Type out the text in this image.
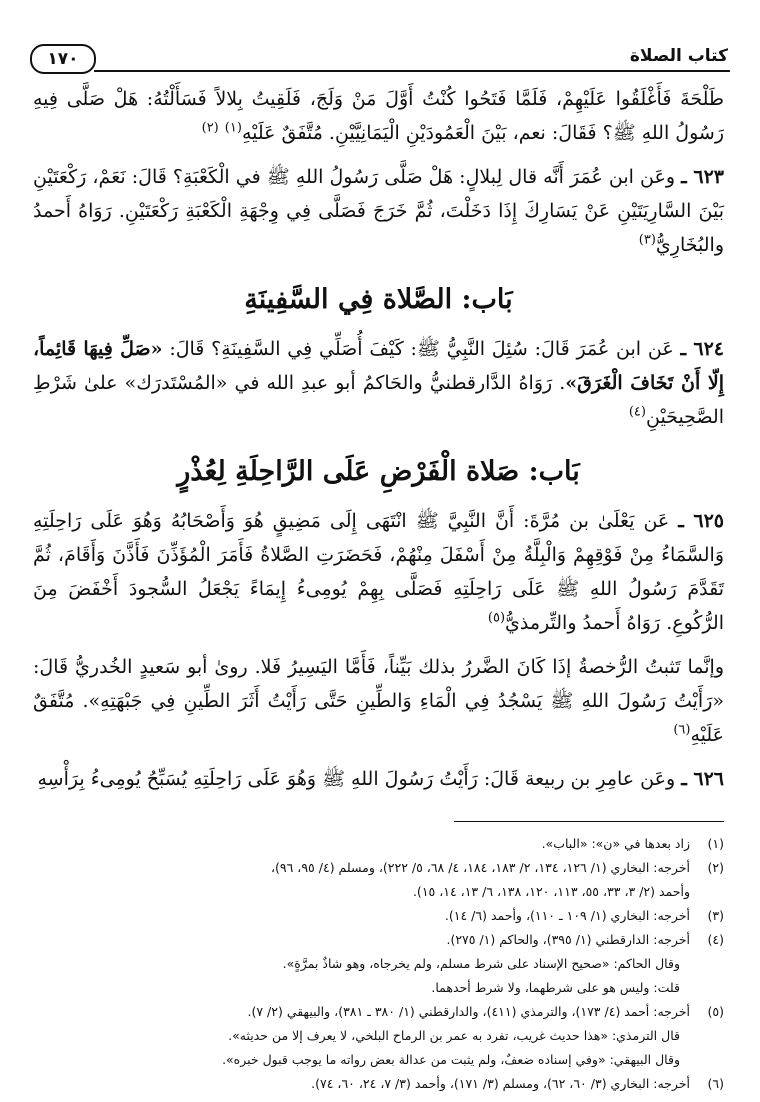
كتاب الصلاة
١٧٠

طَلْحَةَ فَأَغْلَقُوا عَلَيْهِمْ، فَلَمَّا فَتَحُوا كُنْتُ أَوَّلَ مَنْ وَلَجَ، فَلَقِيتُ بِلالاً فَسَأَلْتُهُ: هَلْ صَلَّى فِيهِ رَسُولُ اللهِ ﷺ؟ فَقَالَ: نعم، بَيْنَ الْعَمُودَيْنِ الْيَمَانِيَّيْنِ. مُتَّفَقٌ عَلَيْهِ$^{(١)}$ $^{(٢)}$

٦٢٣ ـ وعَن ابن عُمَرَ أَنَّه قال لِبلالٍ: هَلْ صَلَّى رَسُولُ اللهِ ﷺ في الْكَعْبَةِ؟ قَالَ: نَعَمْ، رَكْعَتَيْنِ بَيْنَ السَّارِيَتَيْنِ عَنْ يَسَارِكَ إِذَا دَخَلْتَ، ثُمَّ خَرَجَ فَصَلَّى فِي وِجْهَةِ الْكَعْبَةِ رَكْعَتَيْنِ. رَوَاهُ أَحمدُ والبُخَارِيُّ$^{(٣)}$

بَاب: الصَّلاة فِي السَّفِينَةِ

٦٢٤ ـ عَن ابن عُمَرَ قَالَ: سُئِلَ النَّبِيُّ ﷺ: كَيْفَ أُصَلِّي فِي السَّفِينَةِ؟ قَالَ: «صَلِّ فِيهَا قَائِماً، إِلّا أَنْ تَخَافَ الْغَرَقَ». رَوَاهُ الدَّارقطنيُّ والحَاكمُ أبو عبدِ الله في «المُسْتَدرَك» علىٰ شَرْطِ الصَّحِيحَيْنِ$^{(٤)}$

بَاب: صَلاة الْفَرْضِ عَلَى الرَّاحِلَةِ لِعُذْرٍ

٦٢٥ ـ عَن يَعْلَىٰ بن مُرَّةَ: أَنَّ النَّبِيَّ ﷺ انْتَهَى إِلَى مَضِيقٍ هُوَ وَأَصْحَابُهُ وَهُوَ عَلَى رَاحِلَتِهِ وَالسَّمَاءُ مِنْ فَوْقِهِمْ وَالْبِلَّةُ مِنْ أَسْفَلَ مِنْهُمْ، فَحَضَرَتِ الصَّلاةُ فَأَمَرَ الْمُؤَذِّنَ فَأَذَّنَ وَأَقَامَ، ثُمَّ تَقَدَّمَ رَسُولُ اللهِ ﷺ عَلَى رَاحِلَتِهِ فَصَلَّى بِهِمْ يُومِىءُ إِيمَاءً يَجْعَلُ السُّجودَ أَخْفَضَ مِنَ الرُّكُوعِ. رَوَاهُ أَحمدُ والتِّرمذيُّ$^{(٥)}$

وإنَّما تَثبتُ الرُّخصةُ إذَا كَانَ الضَّررُ بذلك بَيِّناً، فَأَمَّا اليَسِيرُ فَلا. روىٰ أبو سَعيدٍ الخُدريُّ قَالَ: «رَأَيْتُ رَسُولَ اللهِ ﷺ يَسْجُدُ فِي الْمَاءِ وَالطِّينِ حَتَّى رَأَيْتُ أَثَرَ الطِّينِ فِي جَبْهَتِهِ». مُتَّفَقٌ عَلَيْهِ$^{(٦)}$

٦٢٦ ـ وعَن عامِرِ بن ربيعة قَالَ: رَأَيْتُ رَسُولَ اللهِ ﷺ وَهُوَ عَلَى رَاحِلَتِهِ يُسَبِّحُ يُومِىءُ بِرَأْسِهِ

(١)
زاد بعدها في «ن»: «الباب».
(٢)
أخرجه: البخاري (١/ ١٢٦، ١٣٤، ٢/ ١٨٣، ١٨٤، ٤/ ٦٨، ٥/ ٢٢٢)، ومسلم (٤/ ٩٥، ٩٦)،
وأحمد (٢/ ٣، ٣٣، ٥٥، ١١٣، ١٢٠، ١٣٨، ٦/ ١٣، ١٤، ١٥).
(٣)
أخرجه: البخاري (١/ ١٠٩ ـ ١١٠)، وأحمد (٦/ ١٤).
(٤)
أخرجه: الدارقطني (١/ ٣٩٥)، والحاكم (١/ ٢٧٥).
وقال الحاكم: «صحيح الإسناد على شرط مسلم، ولم يخرجاه، وهو شاذٌ بمرَّةٍ».
قلت: وليس هو على شرطهما، ولا شرط أحدهما.
(٥)
أخرجه: أحمد (٤/ ١٧٣)، والترمذي (٤١١)، والدارقطني (١/ ٣٨٠ ـ ٣٨١)، والبيهقي (٢/ ٧).
قال الترمذي: «هذا حديث غريب، تفرد به عمر بن الرماح البلخي، لا يعرف إلا من حديثه».
وقال البيهقي: «وفي إسناده ضعفٌ، ولم يثبت من عدالة بعض رواته ما يوجب قبول خبره».
(٦)
أخرجه: البخاري (٣/ ٦٠، ٦٢)، ومسلم (٣/ ١٧١)، وأحمد (٣/ ٧، ٢٤، ٦٠، ٧٤).
